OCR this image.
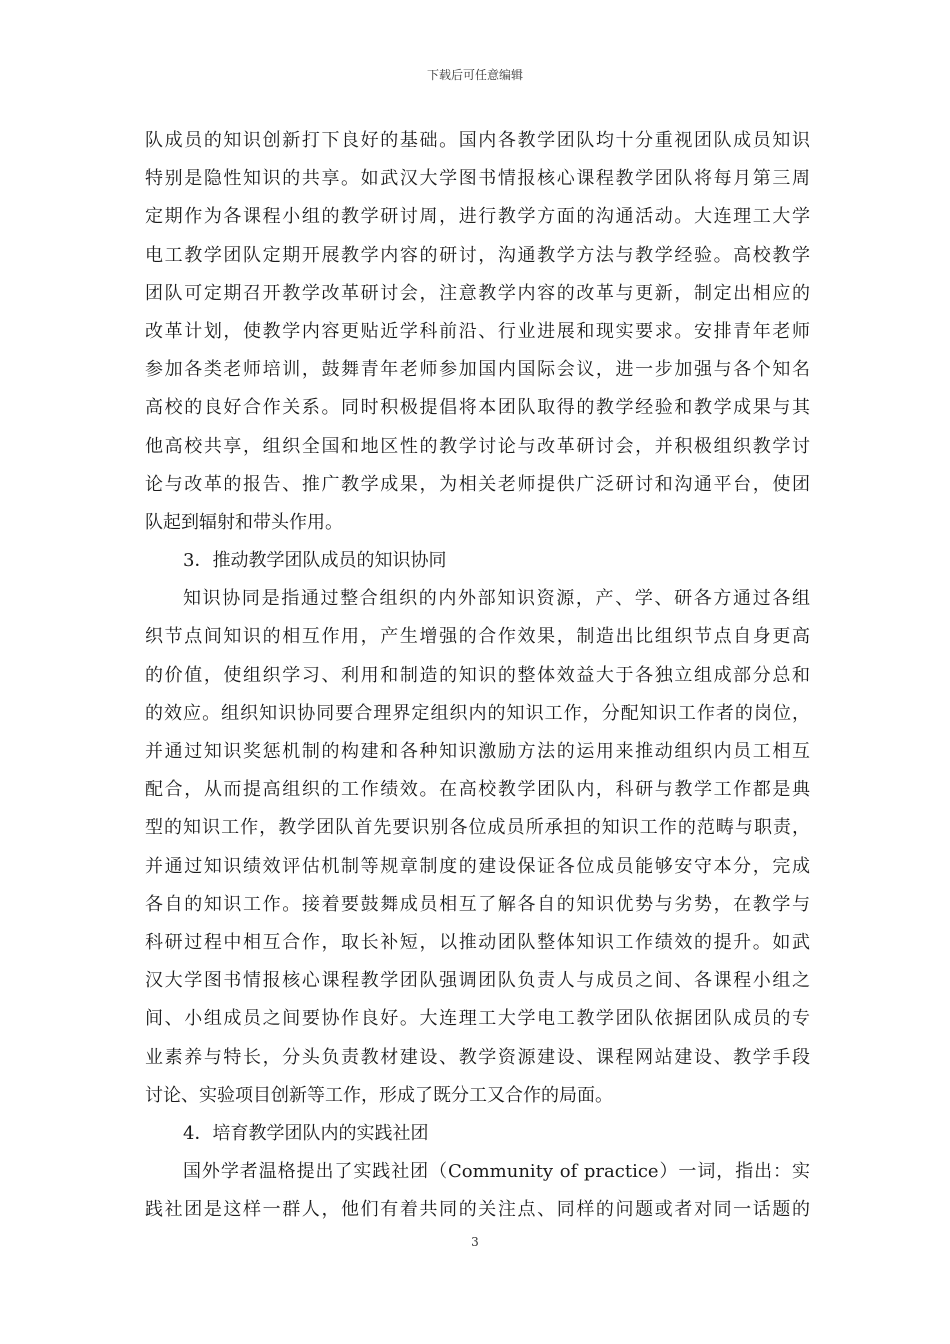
下载后可任意编辑
队成员的知识创新打下良好的基础。国内各教学团队均十分重视团队成员知识
特别是隐性知识的共享。如武汉大学图书情报核心课程教学团队将每月第三周
定期作为各课程小组的教学研讨周，进行教学方面的沟通活动。大连理工大学
电工教学团队定期开展教学内容的研讨，沟通教学方法与教学经验。高校教学
团队可定期召开教学改革研讨会，注意教学内容的改革与更新，制定出相应的
改革计划，使教学内容更贴近学科前沿、行业进展和现实要求。安排青年老师
参加各类老师培训，鼓舞青年老师参加国内国际会议，进一步加强与各个知名
高校的良好合作关系。同时积极提倡将本团队取得的教学经验和教学成果与其
他高校共享，组织全国和地区性的教学讨论与改革研讨会，并积极组织教学讨
论与改革的报告、推广教学成果，为相关老师提供广泛研讨和沟通平台，使团
队起到辐射和带头作用。
3．推动教学团队成员的知识协同
知识协同是指通过整合组织的内外部知识资源，产、学、研各方通过各组
织节点间知识的相互作用，产生增强的合作效果，制造出比组织节点自身更高
的价值，使组织学习、利用和制造的知识的整体效益大于各独立组成部分总和
的效应。组织知识协同要合理界定组织内的知识工作，分配知识工作者的岗位，
并通过知识奖惩机制的构建和各种知识激励方法的运用来推动组织内员工相互
配合，从而提高组织的工作绩效。在高校教学团队内，科研与教学工作都是典
型的知识工作，教学团队首先要识别各位成员所承担的知识工作的范畴与职责，
并通过知识绩效评估机制等规章制度的建设保证各位成员能够安守本分，完成
各自的知识工作。接着要鼓舞成员相互了解各自的知识优势与劣势，在教学与
科研过程中相互合作，取长补短，以推动团队整体知识工作绩效的提升。如武
汉大学图书情报核心课程教学团队强调团队负责人与成员之间、各课程小组之
间、小组成员之间要协作良好。大连理工大学电工教学团队依据团队成员的专
业素养与特长，分头负责教材建设、教学资源建设、课程网站建设、教学手段
讨论、实验项目创新等工作，形成了既分工又合作的局面。
4．培育教学团队内的实践社团
国外学者温格提出了实践社团（Community of practice）一词，指出：实
践社团是这样一群人，他们有着共同的关注点、同样的问题或者对同一话题的
3
